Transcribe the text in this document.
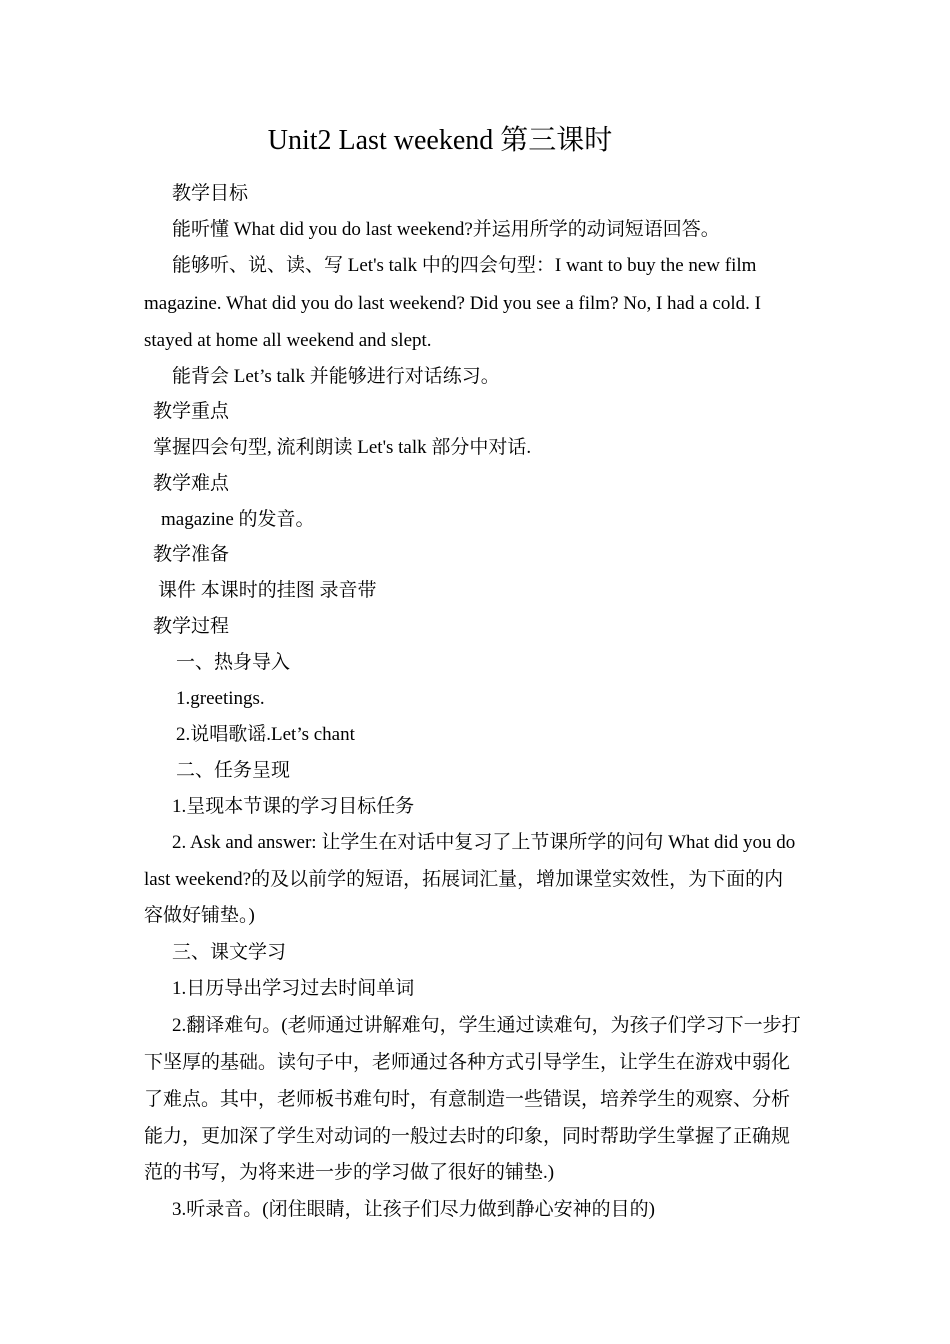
Unit2 Last weekend 第三课时
教学目标
能听懂 What did you do last weekend?并运用所学的动词短语回答。
能够听、说、读、写 Let's talk 中的四会句型：I want to buy the new film
magazine. What did you do last weekend? Did you see a film? No, I had a cold. I
stayed at home all weekend and slept.
能背会 Let’s talk 并能够进行对话练习。
教学重点
掌握四会句型, 流利朗读 Let's talk 部分中对话.
教学难点
magazine 的发音。
教学准备
课件 本课时的挂图 录音带
教学过程
一、热身导入
1.greetings.
2.说唱歌谣.Let’s chant
二、任务呈现
1.呈现本节课的学习目标任务
2. Ask and answer: 让学生在对话中复习了上节课所学的问句 What did you do
last weekend?的及以前学的短语，拓展词汇量，增加课堂实效性，为下面的内
容做好铺垫。)
三、课文学习
1.日历导出学习过去时间单词
2.翻译难句。(老师通过讲解难句，学生通过读难句，为孩子们学习下一步打
下坚厚的基础。读句子中，老师通过各种方式引导学生，让学生在游戏中弱化
了难点。其中，老师板书难句时，有意制造一些错误，培养学生的观察、分析
能力，更加深了学生对动词的一般过去时的印象，同时帮助学生掌握了正确规
范的书写，为将来进一步的学习做了很好的铺垫.)
3.听录音。(闭住眼睛，让孩子们尽力做到静心安神的目的)
